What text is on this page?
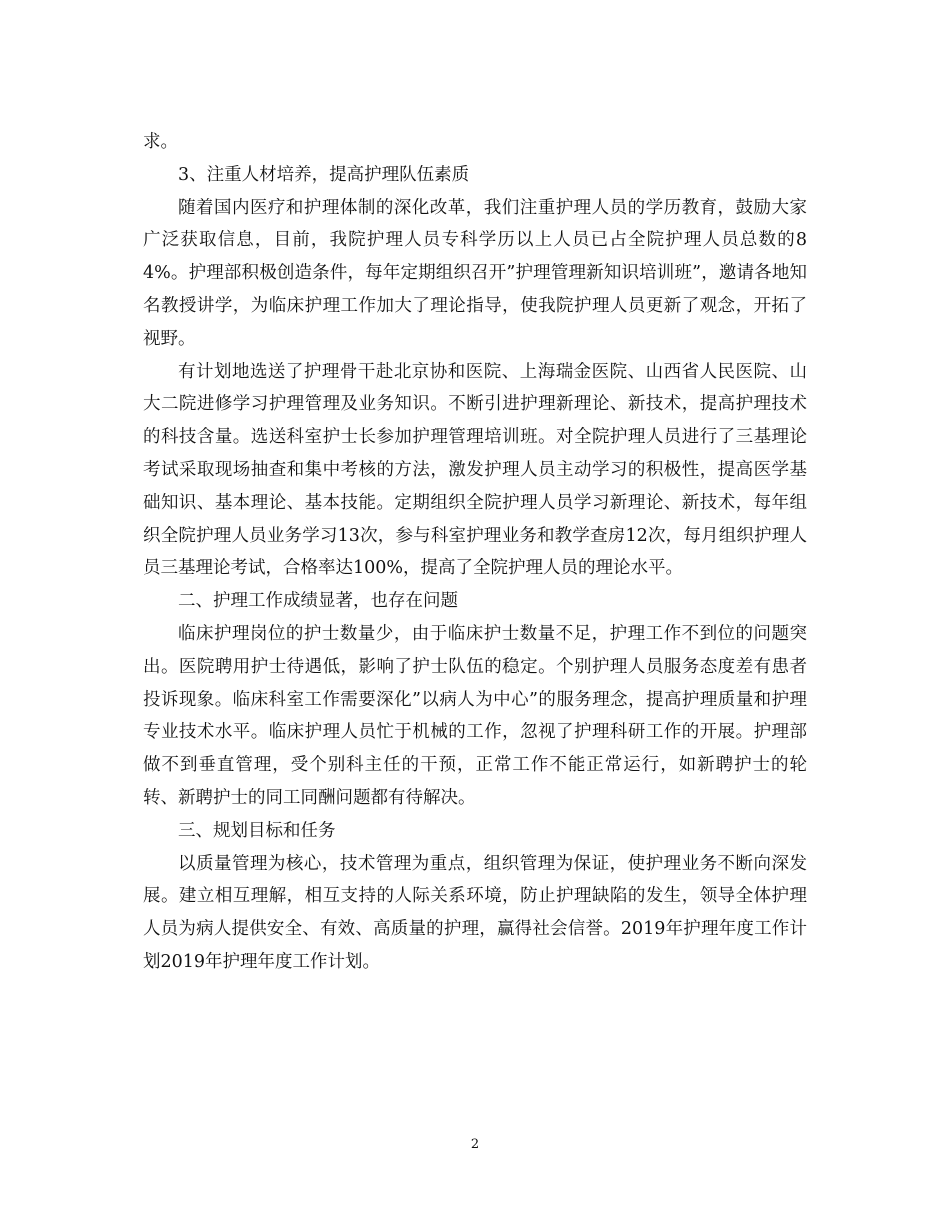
求。

3、注重人材培养，提高护理队伍素质

随着国内医疗和护理体制的深化改革，我们注重护理人员的学历教育，鼓励大家广泛获取信息，目前，我院护理人员专科学历以上人员已占全院护理人员总数的84%。护理部积极创造条件，每年定期组织召开”护理管理新知识培训班”，邀请各地知名教授讲学，为临床护理工作加大了理论指导，使我院护理人员更新了观念，开拓了视野。

有计划地选送了护理骨干赴北京协和医院、上海瑞金医院、山西省人民医院、山大二院进修学习护理管理及业务知识。不断引进护理新理论、新技术，提高护理技术的科技含量。选送科室护士长参加护理管理培训班。对全院护理人员进行了三基理论考试采取现场抽查和集中考核的方法，激发护理人员主动学习的积极性，提高医学基础知识、基本理论、基本技能。定期组织全院护理人员学习新理论、新技术，每年组织全院护理人员业务学习13次，参与科室护理业务和教学查房12次，每月组织护理人员三基理论考试，合格率达100%，提高了全院护理人员的理论水平。

二、护理工作成绩显著，也存在问题

临床护理岗位的护士数量少，由于临床护士数量不足，护理工作不到位的问题突出。医院聘用护士待遇低，影响了护士队伍的稳定。个别护理人员服务态度差有患者投诉现象。临床科室工作需要深化”以病人为中心”的服务理念，提高护理质量和护理专业技术水平。临床护理人员忙于机械的工作，忽视了护理科研工作的开展。护理部做不到垂直管理，受个别科主任的干预，正常工作不能正常运行，如新聘护士的轮转、新聘护士的同工同酬问题都有待解决。

三、规划目标和任务

以质量管理为核心，技术管理为重点，组织管理为保证，使护理业务不断向深发展。建立相互理解，相互支持的人际关系环境，防止护理缺陷的发生，领导全体护理人员为病人提供安全、有效、高质量的护理，赢得社会信誉。2019年护理年度工作计划2019年护理年度工作计划。

2
